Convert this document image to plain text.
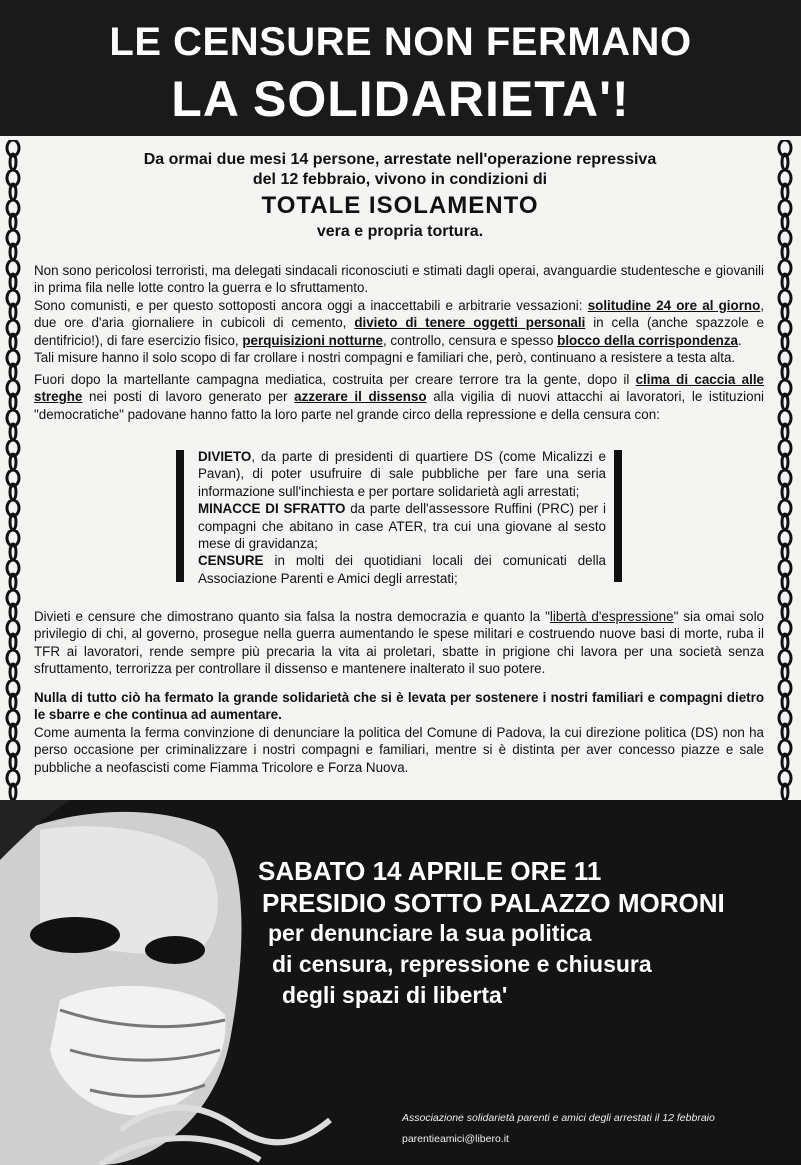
LE CENSURE NON FERMANO
LA SOLIDARIETA'!
Da ormai due mesi 14 persone, arrestate nell'operazione repressiva
del 12 febbraio, vivono in condizioni di
TOTALE ISOLAMENTO
vera e propria tortura.
Non sono pericolosi terroristi, ma delegati sindacali riconosciuti e stimati dagli operai, avanguardie studentesche e giovanili in prima fila nelle lotte contro la guerra e lo sfruttamento.
Sono comunisti, e per questo sottoposti ancora oggi a inaccettabili e arbitrarie vessazioni: solitudine 24 ore al giorno, due ore d'aria giornaliere in cubicoli di cemento, divieto di tenere oggetti personali in cella (anche spazzole e dentifricio!), di fare esercizio fisico, perquisizioni notturne, controllo, censura e spesso blocco della corrispondenza.
Tali misure hanno il solo scopo di far crollare i nostri compagni e familiari che, però, continuano a resistere a testa alta.
Fuori dopo la martellante campagna mediatica, costruita per creare terrore tra la gente, dopo il clima di caccia alle streghe nei posti di lavoro generato per azzerare il dissenso alla vigilia di nuovi attacchi ai lavoratori, le istituzioni "democratiche" padovane hanno fatto la loro parte nel grande circo della repressione e della censura con:
DIVIETO, da parte di presidenti di quartiere DS (come Micalizzi e Pavan), di poter usufruire di sale pubbliche per fare una seria informazione sull'inchiesta e per portare solidarietà agli arrestati;
MINACCE DI SFRATTO da parte dell'assessore Ruffini (PRC) per i compagni che abitano in case ATER, tra cui una giovane al sesto mese di gravidanza;
CENSURE in molti dei quotidiani locali dei comunicati della Associazione Parenti e Amici degli arrestati;
Divieti e censure che dimostrano quanto sia falsa la nostra democrazia e quanto la "libertà d'espressione" sia omai solo privilegio di chi, al governo, prosegue nella guerra aumentando le spese militari e costruendo nuove basi di morte, ruba il TFR ai lavoratori, rende sempre più precaria la vita ai proletari, sbatte in prigione chi lavora per una società senza sfruttamento, terrorizza per controllare il dissenso e mantenere inalterato il suo potere.
Nulla di tutto ciò ha fermato la grande solidarietà che si è levata per sostenere i nostri familiari e compagni dietro le sbarre e che continua ad aumentare.
Come aumenta la ferma convinzione di denunciare la politica del Comune di Padova, la cui direzione politica (DS) non ha perso occasione per criminalizzare i nostri compagni e familiari, mentre si è distinta per aver concesso piazze e sale pubbliche a neofascisti come Fiamma Tricolore e Forza Nuova.
SABATO 14 APRILE ORE 11
PRESIDIO SOTTO PALAZZO MORONI
per denunciare la sua politica
di censura, repressione e chiusura
degli spazi di liberta'
Associazione solidarietà parenti e amici degli arrestati il 12 febbraio
parentieamici@libero.it
